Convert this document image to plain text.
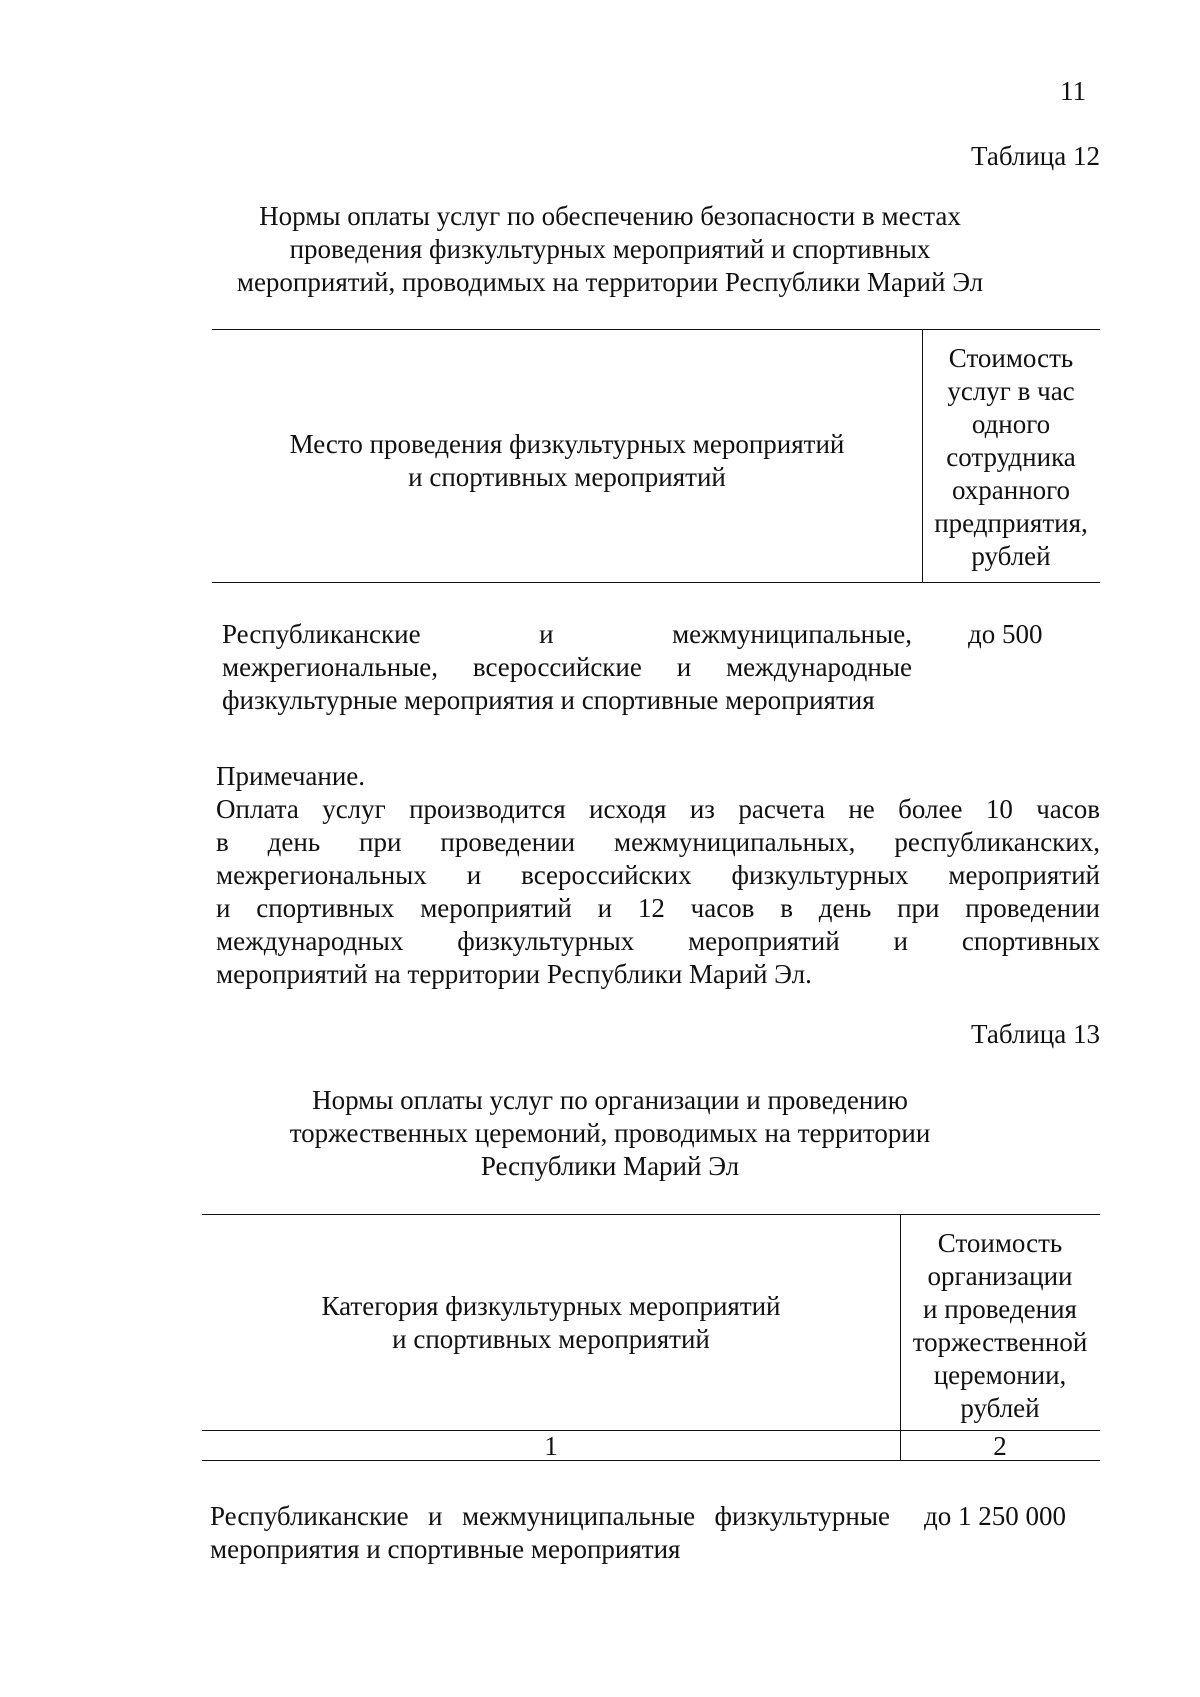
11
Таблица 12
Нормы оплаты услуг по обеспечению безопасности в местах
проведения физкультурных мероприятий и спортивных
мероприятий, проводимых на территории Республики Марий Эл
Место проведения физкультурных мероприятий
и спортивных мероприятий
Стоимость
услуг в час
одного
сотрудника
охранного
предприятия,
рублей
Республиканские и межмуниципальные,
межрегиональные, всероссийские и международные
физкультурные мероприятия и спортивные мероприятия
до 500
Примечание.
Оплата услуг производится исходя из расчета не более 10 часов
в день при проведении межмуниципальных, республиканских,
межрегиональных и всероссийских физкультурных мероприятий
и спортивных мероприятий и 12 часов в день при проведении
международных физкультурных мероприятий и спортивных
мероприятий на территории Республики Марий Эл.
Таблица 13
Нормы оплаты услуг по организации и проведению
торжественных церемоний, проводимых на территории
Республики Марий Эл
Категория физкультурных мероприятий
и спортивных мероприятий
Стоимость
организации
и проведения
торжественной
церемонии,
рублей
1	2
Республиканские и межмуниципальные физкультурные
мероприятия и спортивные мероприятия
до 1 250 000
